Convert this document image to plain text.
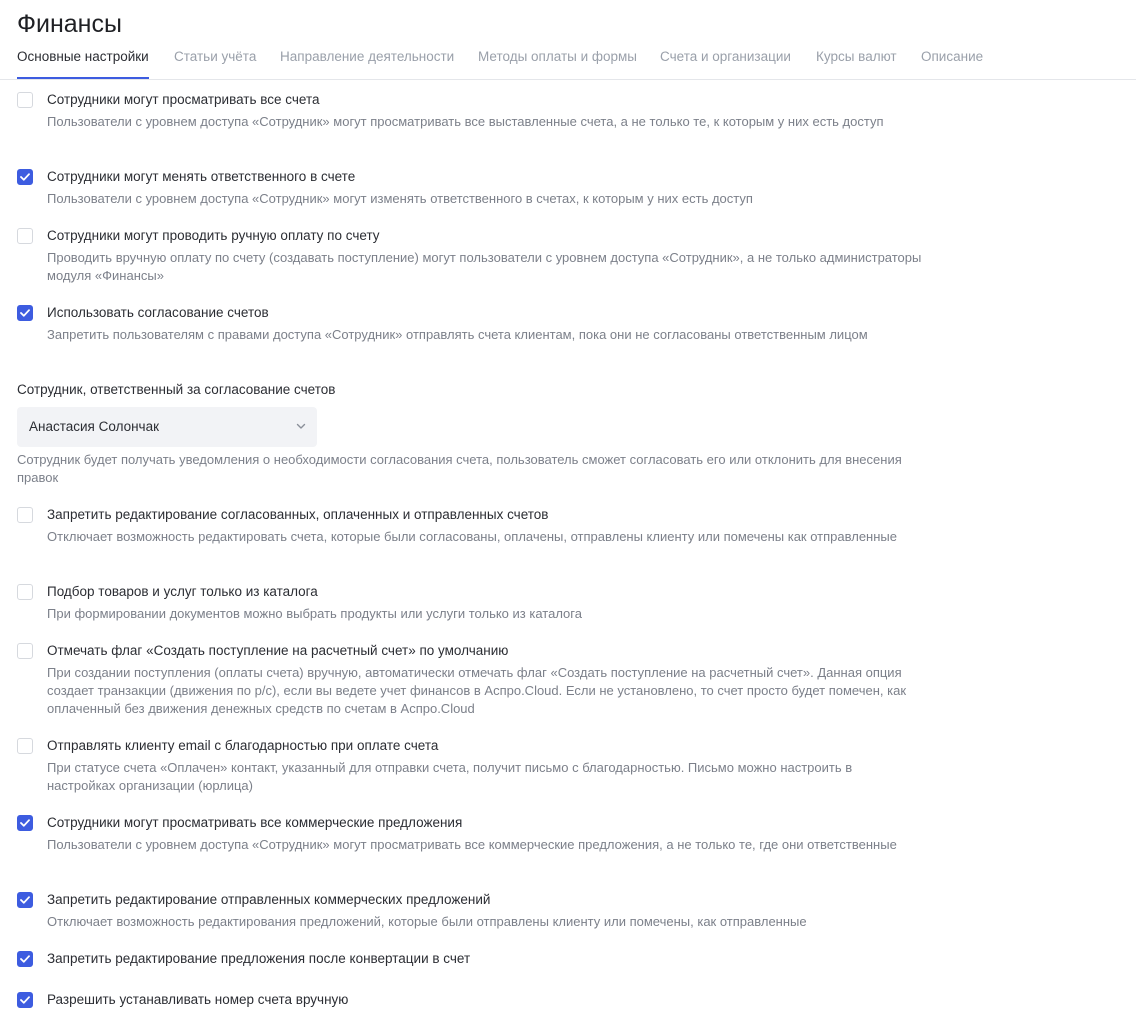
Финансы
Основные настройки Статьи учёта Направление деятельности Методы оплаты и формы Счета и организации Курсы валют Описание
Сотрудники могут просматривать все счета
Пользователи с уровнем доступа «Сотрудник» могут просматривать все выставленные счета, а не только те, к которым у них есть доступ
Сотрудники могут менять ответственного в счете
Пользователи с уровнем доступа «Сотрудник» могут изменять ответственного в счетах, к которым у них есть доступ
Сотрудники могут проводить ручную оплату по счету
Проводить вручную оплату по счету (создавать поступление) могут пользователи с уровнем доступа «Сотрудник», а не только администраторы модуля «Финансы»
Использовать согласование счетов
Запретить пользователям с правами доступа «Сотрудник» отправлять счета клиентам, пока они не согласованы ответственным лицом
Сотрудник, ответственный за согласование счетов
Анастасия Солончак
Сотрудник будет получать уведомления о необходимости согласования счета, пользователь сможет согласовать его или отклонить для внесения правок
Запретить редактирование согласованных, оплаченных и отправленных счетов
Отключает возможность редактировать счета, которые были согласованы, оплачены, отправлены клиенту или помечены как отправленные
Подбор товаров и услуг только из каталога
При формировании документов можно выбрать продукты или услуги только из каталога
Отмечать флаг «Создать поступление на расчетный счет» по умолчанию
При создании поступления (оплаты счета) вручную, автоматически отмечать флаг «Создать поступление на расчетный счет». Данная опция создает транзакции (движения по р/с), если вы ведете учет финансов в Аспро.Cloud. Если не установлено, то счет просто будет помечен, как оплаченный без движения денежных средств по счетам в Аспро.Cloud
Отправлять клиенту email с благодарностью при оплате счета
При статусе счета «Оплачен» контакт, указанный для отправки счета, получит письмо с благодарностью. Письмо можно настроить в настройках организации (юрлица)
Сотрудники могут просматривать все коммерческие предложения
Пользователи с уровнем доступа «Сотрудник» могут просматривать все коммерческие предложения, а не только те, где они ответственные
Запретить редактирование отправленных коммерческих предложений
Отключает возможность редактирования предложений, которые были отправлены клиенту или помечены, как отправленные
Запретить редактирование предложения после конвертации в счет
Разрешить устанавливать номер счета вручную
